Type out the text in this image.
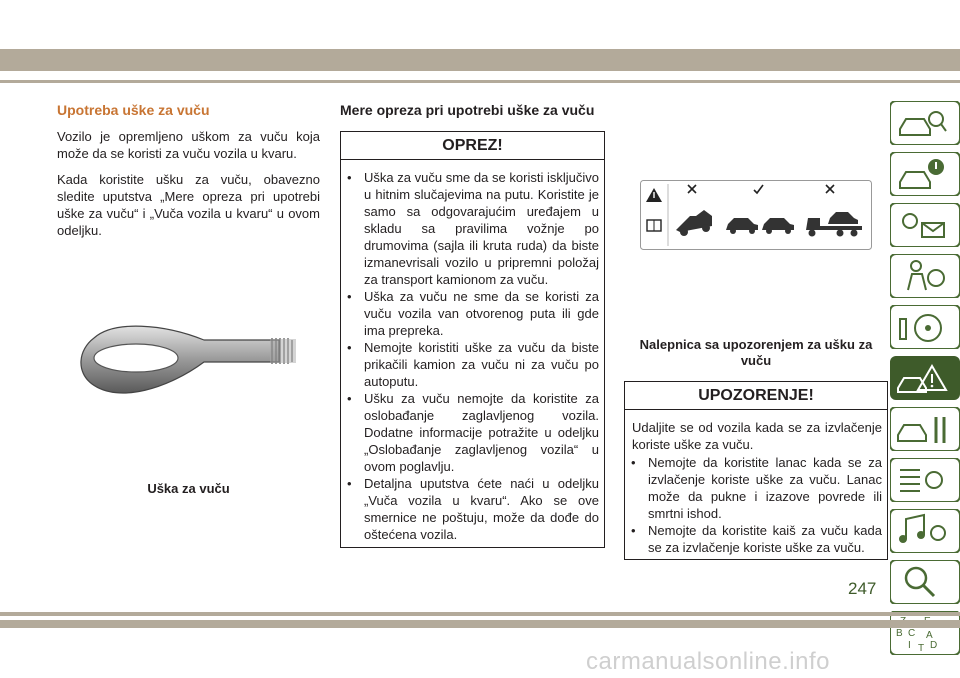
Upotreba uške za vuču

Vozilo je opremljeno uškom za vuču koja može da se koristi za vuču vozila u kvaru.

Kada koristite ušku za vuču, obavezno sledite uputstva „Mere opreza pri upotrebi uške za vuču“ i „Vuča vozila u kvaru“ u ovom odeljku.

Uška za vuču
Mere opreza pri upotrebi uške za vuču
OPREZ!
• Uška za vuču sme da se koristi isključivo u hitnim slučajevima na putu. Koristite je samo sa odgovarajućim uređajem u skladu sa pravilima vožnje po drumovima (sajla ili kruta ruda) da biste izmanevrisali vozilo u pripremni položaj za transport kamionom za vuču.
• Uška za vuču ne sme da se koristi za vuču vozila van otvorenog puta ili gde ima prepreka.
• Nemojte koristiti uške za vuču da biste prikačili kamion za vuču ni za vuču po autoputu.
• Ušku za vuču nemojte da koristite za oslobađanje zaglavljenog vozila. Dodatne informacije potražite u odeljku „Oslobađanje zaglavljenog vozila“ u ovom poglavlju.
• Detaljna uputstva ćete naći u odeljku „Vuča vozila u kvaru“. Ako se ove smernice ne poštuju, može da dođe do oštećena vozila.
Nalepnica sa upozorenjem za ušku za vuču
UPOZORENJE!

Udaljite se od vozila kada se za izvlačenje koriste uške za vuču.

• Nemojte da koristite lanac kada se za izvlačenje koriste uške za vuču. Lanac može da pukne i izazove povrede ili smrtni ishod.
• Nemojte da koristite kaiš za vuču kada se za izvlačenje koriste uške za vuču.
B C A
I D
T
247
carmanualsonline.info
